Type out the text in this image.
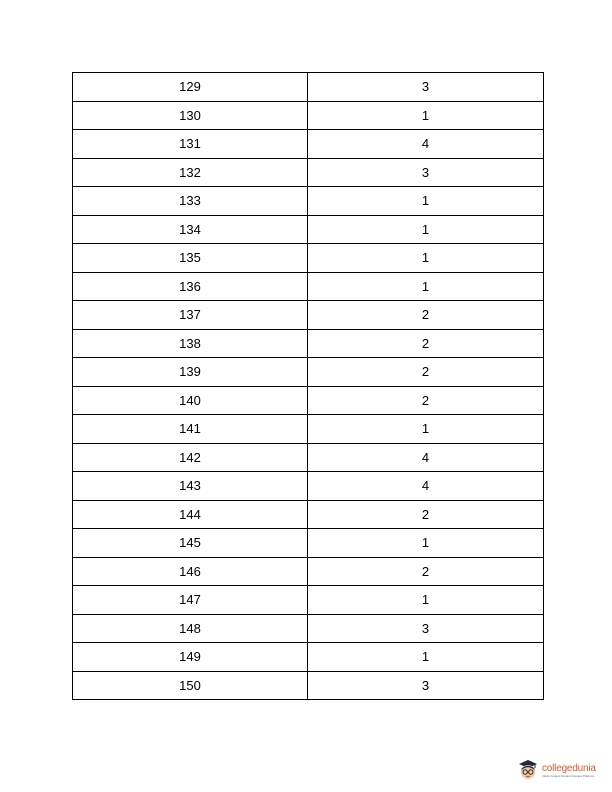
129	3
130	1
131	4
132	3
133	1
134	1
135	1
136	1
137	2
138	2
139	2
140	2
141	1
142	4
143	4
144	2
145	1
146	2
147	1
148	3
149	1
150	3
collegedunia
India's largest Student Review Platform
